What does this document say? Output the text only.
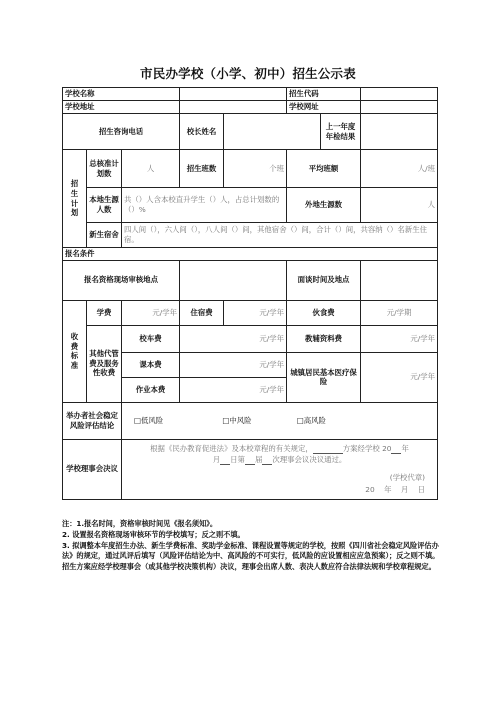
市民办学校（小学、初中）招生公示表
学校名称					招生代码		
学校地址					学校网址		
招生咨询电话			校长姓名			上一年度年检结果	
招
生
计
划	总核准计划数	人	招生班数	个班	平均班额		人/班
	本地生源人数	共（）人含本校直升学生（）人，占总计划数的（）%			外地生源数		人
	新生宿舍	四人间（），六人间（），八人间（）间，其他宿舍（）间，合计（）间，共容纳（）名新生住宿。					
报名条件							
报名资格现场审核地点					面谈时间及地点		
收
费
标
准	学费	元/学年	住宿费	元/学年	伙食费		元/学期
	其他代管费及服务性收费	校车费	元/学年		教辅资料费		元/学年
		课本费	元/学年		城镇居民基本医疗保险		元/学年
		作业本费	元/学年				
举办者社会稳定风险评估结论		□低风险 □中风险 □高风险					
学校理事会决议		根据《民办教育促进法》及本校章程的有关规定， 方案经学校 20 年
月 日第 届 次理事会议决议通过。
(学校代章)
20    年    月    日					
注：1.报名时间，资格审核时间见《报名须知》。
2. 设置报名资格现场审核环节的学校填写；反之则不填。
3. 拟调整本年度招生办法、新生学费标准、奖助学金标准、课程设置等规定的学校，按照《四川省社会稳定风险评估办法》的规定，通过风评后填写（风险评估结论为中、高风险的不可实行，低风险的应设置相应应急预案）；反之则不填。
招生方案应经学校理事会（或其他学校决策机构）决议，理事会出席人数、表决人数应符合法律法规和学校章程规定。
